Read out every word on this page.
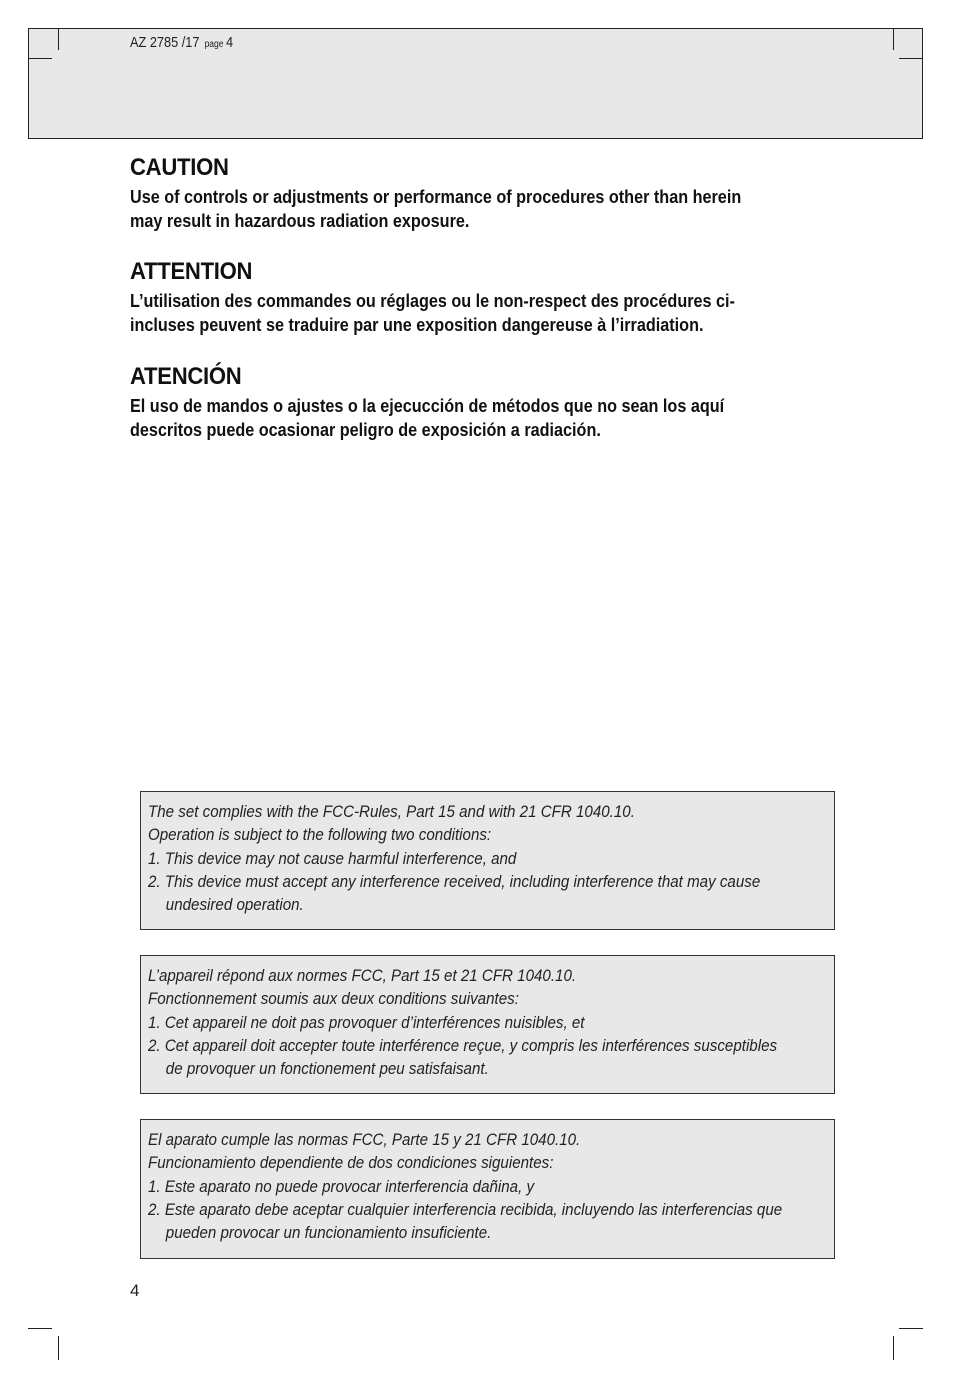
AZ 2785 /17 page 4
CAUTION

Use of controls or adjustments or performance of procedures other than herein
may result in hazardous radiation exposure.

ATTENTION

L’utilisation des commandes ou réglages ou le non-respect des procédures ci-
incluses peuvent se traduire par une exposition dangereuse à l’irradiation.

ATENCIÓN

El uso de mandos o ajustes o la ejecucción de métodos que no sean los aquí
descritos puede ocasionar peligro de exposición a radiación.

The set complies with the FCC-Rules, Part 15 and with 21 CFR 1040.10.
Operation is subject to the following two conditions:
1. This device may not cause harmful interference, and
2. This device must accept any interference received, including interference that may cause
undesired operation.
L’appareil répond aux normes FCC, Part 15 et 21 CFR 1040.10.
Fonctionnement soumis aux deux conditions suivantes:
1. Cet appareil ne doit pas provoquer d’interférences nuisibles, et
2. Cet appareil doit accepter toute interférence reçue, y compris les interférences susceptibles
de provoquer un fonctionement peu satisfaisant.
El aparato cumple las normas FCC, Parte 15 y 21 CFR 1040.10.
Funcionamiento dependiente de dos condiciones siguientes:
1. Este aparato no puede provocar interferencia dañina, y
2. Este aparato debe aceptar cualquier interferencia recibida, incluyendo las interferencias que
pueden provocar un funcionamiento insuficiente.
4
